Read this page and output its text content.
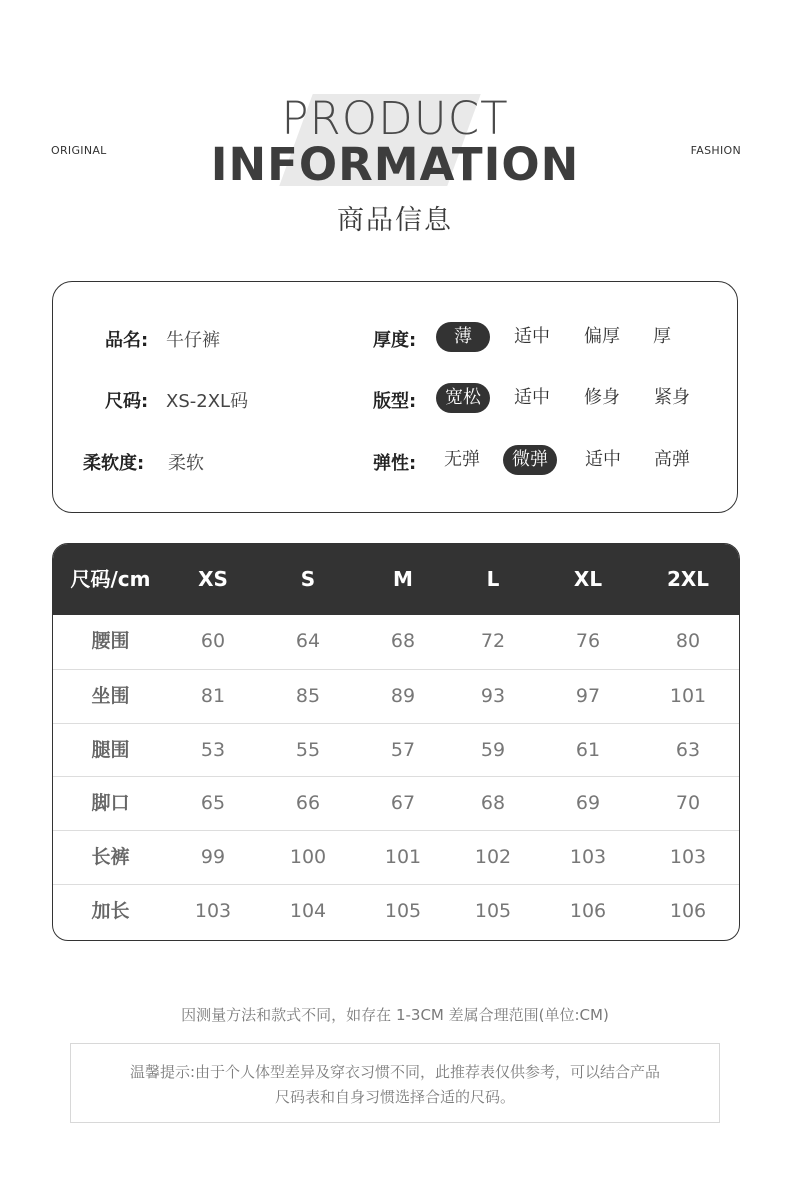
ORIGINAL	FASHION
PRODUCT
INFORMATION
商品信息
品名: 牛仔裤	厚度:	薄	适中	偏厚	厚
尺码: XS-2XL码	版型:	宽松	适中	修身	紧身
柔软度: 柔软	弹性:	无弹	微弹	适中	高弹
尺码/cm	XS	S	M	L	XL	2XL
腰围	60	64	68	72	76	80
坐围	81	85	89	93	97	101
腿围	53	55	57	59	61	63
脚口	65	66	67	68	69	70
长裤	99	100	101	102	103	103
加长	103	104	105	105	106	106
因测量方法和款式不同，如存在 1-3CM 差属合理范围(单位:CM)
温馨提示:由于个人体型差异及穿衣习惯不同，此推荐表仅供参考，可以结合产品
尺码表和自身习惯选择合适的尺码。
